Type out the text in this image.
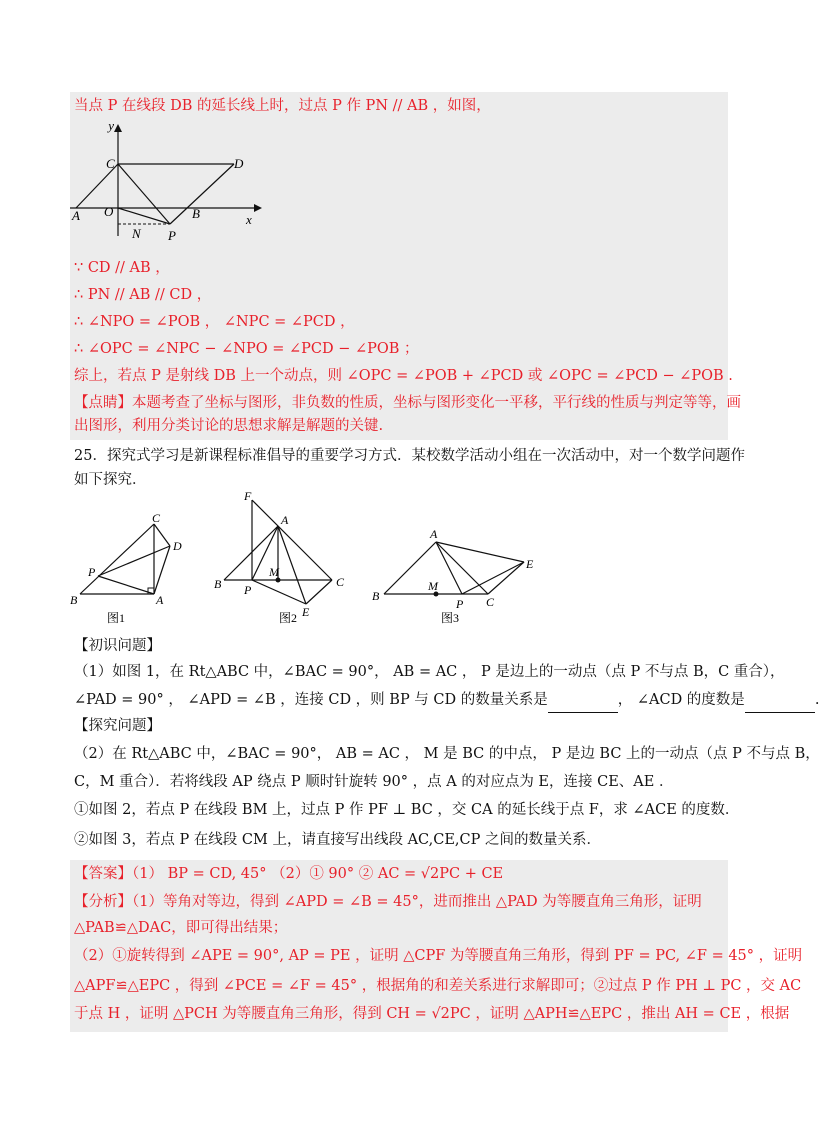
当点 P 在线段 DB 的延长线上时，过点 P 作 PN // AB ，如图，
y
x
C	D
A O	B
N P
∵ CD // AB ，
∴ PN // AB // CD ，
∴ ∠NPO = ∠POB ， ∠NPC = ∠PCD ，
∴ ∠OPC = ∠NPC − ∠NPO = ∠PCD − ∠POB ；
综上，若点 P 是射线 DB 上一个动点，则 ∠OPC = ∠POB + ∠PCD 或 ∠OPC = ∠PCD − ∠POB .
【点睛】本题考查了坐标与图形，非负数的性质，坐标与图形变化一平移，平行线的性质与判定等等，画
出图形，利用分类讨论的思想求解是解题的关键.
25．探究式学习是新课程标准倡导的重要学习方式．某校数学活动小组在一次活动中，对一个数学问题作
如下探究．
C
D
P
B	A
图1
F
A
M
B P
C
E
图2
A
E
M
B
P C
图3
【初识问题】
（1）如图 1，在 Rt△ABC 中，∠BAC = 90°， AB = AC ， P 是边上的一动点（点 P 不与点 B，C 重合），
∠PAD = 90° ， ∠APD = ∠B ，连接 CD ，则 BP 与 CD 的数量关系是	， ∠ACD 的度数是	.
【探究问题】
（2）在 Rt△ABC 中，∠BAC = 90°， AB = AC ， M 是 BC 的中点， P 是边 BC 上的一动点（点 P 不与点 B，
C，M 重合）．若将线段 AP 绕点 P 顺时针旋转 90° ，点 A 的对应点为 E，连接 CE、AE ．
①如图 2，若点 P 在线段 BM 上，过点 P 作 PF ⊥ BC ，交 CA 的延长线于点 F，求 ∠ACE 的度数．
②如图 3，若点 P 在线段 CM 上，请直接写出线段 AC,CE,CP 之间的数量关系．
【答案】（1） BP = CD, 45° （2）① 90° ② AC = √2PC + CE
【分析】（1）等角对等边，得到 ∠APD = ∠B = 45°，进而推出 △PAD 为等腰直角三角形，证明
△PAB≌△DAC，即可得出结果；
（2）①旋转得到 ∠APE = 90°, AP = PE ，证明 △CPF 为等腰直角三角形，得到 PF = PC, ∠F = 45° ，证明
△APF≌△EPC ，得到 ∠PCE = ∠F = 45° ，根据角的和差关系进行求解即可；②过点 P 作 PH ⊥ PC ，交 AC
于点 H ，证明 △PCH 为等腰直角三角形，得到 CH = √2PC ，证明 △APH≌△EPC ，推出 AH = CE ，根据
